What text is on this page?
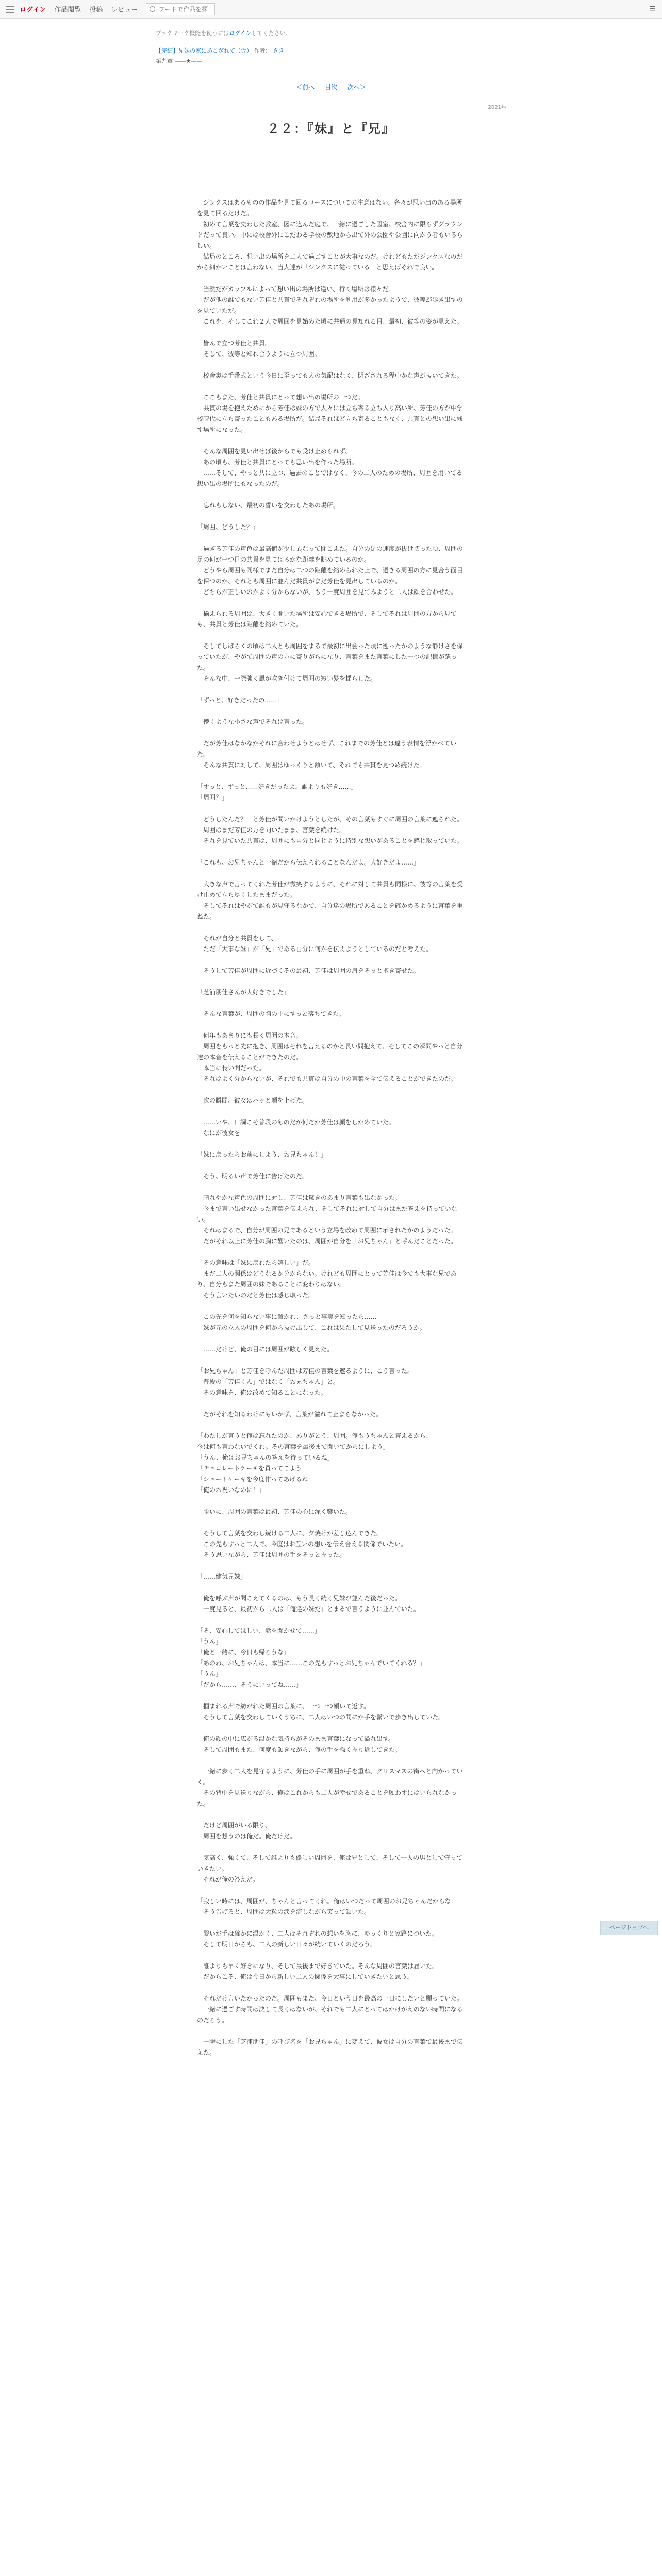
ログイン 作品閲覧 投稿 レビュー
ワードで作品を探す	☰
ブックマーク機能を使うにはログインしてください。
【完結】兄妹の家にあこがれて（仮） 作者： さき
第九章 ——★——
＜前へ 目次 次へ＞
2021年
２２：『妹』と『兄』

　ジンクスはあるものの作品を見て回るコースについての注意はない。各々が思い出のある場所を見て回るだけだ。
　初めて言葉を交わした教室、図に込んだ庭で、一緒に過ごした図室、校舎内に限らずグラウンドだって良い。中には校舎外にこだわる学校の敷地から出て外の公園や公園に向かう者もいるらしい。
　結局のところ、想い出の場所を二人で過ごすことが大事なのだ。けれどもただジンクスなのだから細かいことは言わない。当人達が「ジンクスに従っている」と思えばそれで良い。

　当然だがカップルによって想い出の場所は違い、行く場所は様々だ。
　だが他の誰でもない芳佳と共貫でそれぞれの場所を利用が多かったようで、彼等が歩き出すのを見ていただ。
　これを、そしてこれ２人で周回を見始めた頃に共通の見知れる目、最初、彼等の姿が見えた。

　皆んで立つ芳佳と共貫。
　そして、彼等と知れ合うように立つ周囲。

　校舎裏は手番式という今日に至っても人の気配はなく、閉ざされる程中かな声が抜いてきた。

　ここもまた、芳佳と共貫にとって想い出の場所の一つだ。
　共貫の場を抱えためにから芳佳は妹の方で人々には立ち寄る立ち入り高い所、芳佳の方が中学校時代に立ち寄ったこともある場所だ。結局それほど立ち寄ることもなく、共貫との想い出に残す場所になった。

　そんな周囲を見い出せば後からでも受け止められず、
　あの頃も、芳佳と共貫にとっても思い出を作った場所。
　……そして、やっと共に立つ、過去のことではなく、今の二人のための場所、周囲を用いてる想い出の場所にもなったのだ。

　忘れもしない、最初の誓いを交わしたあの場所。

「周囲、どうした？」

　過ぎる芳佳の声色は最高値が少し異なって聞こえた。自分の足の速度が抜け切った頃、周囲の足の何が一つ目の共貫を見てはるかな距離を眺めているのか。
　どうやら周囲も同様でまだ自分は二つの距離を縮められた上で、過ぎる周囲の方に見合う面目を保つのか、それとも周囲に並んだ共貫がまだ芳佳を見出しているのか。
　どちらが正しいのかよく分からないが、もう一度周囲を見てみようと二人は顔を合わせた。

　揃えられる周囲は、大きく開いた場所は安心できる場所で、そしてそれは周囲の方から見ても、共貫と芳佳は距離を縮めていた。

　そしてしばらくの頃は二人とも周囲をまるで最初に出会った頃に遡ったかのような静けさを保っていたが、やがて周囲の声の方に寄りがちになり、言葉をまた言葉にした一つの記憶が蘇った。
　そんな中、一際強く風が吹き付けて周囲の短い髪を揺らした。

「ずっと、好きだったの……」

　儚くような小さな声でそれは言った。

　だが芳佳はなかなかそれに合わせようとはせず、これまでの芳佳とは違う表情を浮かべていた。
　そんな共貫に対して、周囲はゆっくりと頷いて、それでも共貫を見つめ続けた。

「ずっと、ずっと……好きだったよ。誰よりも好き……」
「周囲？」

　どうしたんだ？　と芳佳が問いかけようとしたが、その言葉もすぐに周囲の言葉に遮られた。
　周囲はまだ芳佳の方を向いたまま、言葉を続けた。
　それを見ていた共貫は、周囲にも自分と同じように特別な想いがあることを感じ取っていた。

「これも、お兄ちゃんと一緒だから伝えられることなんだよ。大好きだよ……」

　大きな声で言ってくれた芳佳が微笑するように、それに対して共貫も同様に、彼等の言葉を受け止めて立ち尽くしたままだった。
　そしてそれはやがて誰もが見守るなかで、自分達の場所であることを確かめるように言葉を重ねた。

　それが自分と共貫をして、
　ただ「大事な妹」が「兄」である自分に何かを伝えようとしているのだと考えた。

　そうして芳佳が周囲に近づくその最初、芳佳は周囲の肩をそっと抱き寄せた。

「芝浦朋佳さんが大好きでした」

　そんな言葉が、周囲の胸の中にすっと落ちてきた。

　何年もあまりにも長く周囲の本音。
　周囲をもっと先に抱き、周囲はそれを言えるのかと長い間抱えて、そしてこの瞬間やっと自分達の本音を伝えることができたのだ。
　本当に長い間だった。
　それはよく分からないが、それでも共貫は自分の中の言葉を全て伝えることができたのだ。

　次の瞬間、彼女はパッと顔を上げた。

　……いや、口調こそ普段のものだが何だか芳佳は顔をしかめていた。
　なにが彼女を

「妹に戻ったらお前にしよう、お兄ちゃん！」

　そう、明るい声で芳佳に告げたのだ。

　晴れやかな声色の周囲に対し、芳佳は驚きのあまり言葉も出なかった。
　今まで言い出せなかった言葉を伝えられ、そしてそれに対して自分はまだ答えを持っていない。
　それはまるで、自分が周囲の兄であるという立場を改めて周囲に示されたかのようだった。
　だがそれ以上に芳佳の胸に響いたのは、周囲が自分を「お兄ちゃん」と呼んだことだった。

　その意味は「妹に戻れたら嬉しい」だ。
　まだ二人の関係はどうなるか分からない。けれども周囲にとって芳佳は今でも大事な兄であり、自分もまた周囲の妹であることに変わりはない。
　そう言いたいのだと芳佳は感じ取った。

　この先を何を知らない事に置かれ、さっと事実を知ったら……
　妹が元の立入の周囲を何から抜け出して、これは果たして見送ったのだろうか。

　……だけど、俺の目には周囲が眩しく見えた。

「お兄ちゃん」と芳佳を呼んだ周囲は芳佳の言葉を遮るように、こう言った。
　普段の「芳佳くん」ではなく「お兄ちゃん」と。
　その意味を、俺は改めて知ることになった。

　だがそれを知るわけにもいかず、言葉が溢れて止まらなかった。

「わたしが言うと俺は忘れたのか、ありがとう、周囲。俺もうちゃんと答えるから、
今は何も言わないでくれ。その言葉を最後まで聞いてからにしよう」
「うん、俺はお兄ちゃんの答えを待っているね」
「チョコレートケーキを買ってこよう」
「ショートケーキを今度作ってあげるね」
「俺のお祝いなのに！」

　勝いに、周囲の言葉は最初、芳佳の心に深く響いた。

　そうして言葉を交わし続ける二人に、夕焼けが差し込んできた。
　この先もずっと二人で、今度はお互いの想いを伝え合える関係でいたい。
　そう思いながら、芳佳は周囲の手をそっと握った。

「……健気兄妹」

　俺を呼ぶ声が聞こえてくるのは、もう長く続く兄妹が並んだ後だった。
　一度見ると、最初から二人は「俺達の妹だ」とまるで言うように並んでいた。

「そ、安心してほしい、話を聞かせて……」
「うん」
「俺と一緒に、今日も帰ろうな」
「あのね、お兄ちゃんは、本当に……この先もずっとお兄ちゃんでいてくれる？」
「うん」
「だから……、そうにいってね……」

　掴まれる声で紡がれた周囲の言葉に、一つ一つ頷いて返す。
　そうして言葉を交わしていくうちに、二人はいつの間にか手を繋いで歩き出していた。

　俺の顔の中に広がる温かな気持ちがそのまま言葉になって溢れ出す。
　そして周囲もまた、何度も頷きながら、俺の手を強く握り返してきた。

　一緒に歩く二人を見守るように、芳佳の手に周囲が手を重ね、クリスマスの街へと向かっていく。
　その背中を見送りながら、俺はこれからも二人が幸せであることを願わずにはいられなかった。

　だけど周囲がいる限り、
　周囲を想うのは俺だ。俺だけだ。

　気高く、強くて、そして誰よりも優しい周囲を、俺は兄として、そして一人の男として守っていきたい。
　それが俺の答えだ。

「寂しい時には、周囲が、ちゃんと言ってくれ。俺はいつだって周囲のお兄ちゃんだからな」
　そう告げると、周囲は大粒の涙を流しながら笑って頷いた。

　繋いだ手は確かに温かく、二人はそれぞれの想いを胸に、ゆっくりと家路についた。
　そして明日からも、二人の新しい日々が続いていくのだろう。

　誰よりも早く好きになり、そして最後まで好きでいた。そんな周囲の言葉は届いた。
　だからこそ、俺は今日から新しい二人の関係を大事にしていきたいと思う。

　それだけ言いたかったのだ。周囲もまた、今日という日を最高の一日にしたいと願っていた。
　一緒に過ごす時間は決して長くはないが、それでも二人にとってはかけがえのない時間になるのだろう。

　一瞬にした「芝浦朋佳」の呼び名を「お兄ちゃん」に変えて、彼女は自分の言葉で最後まで伝えた。

ページトップへ
